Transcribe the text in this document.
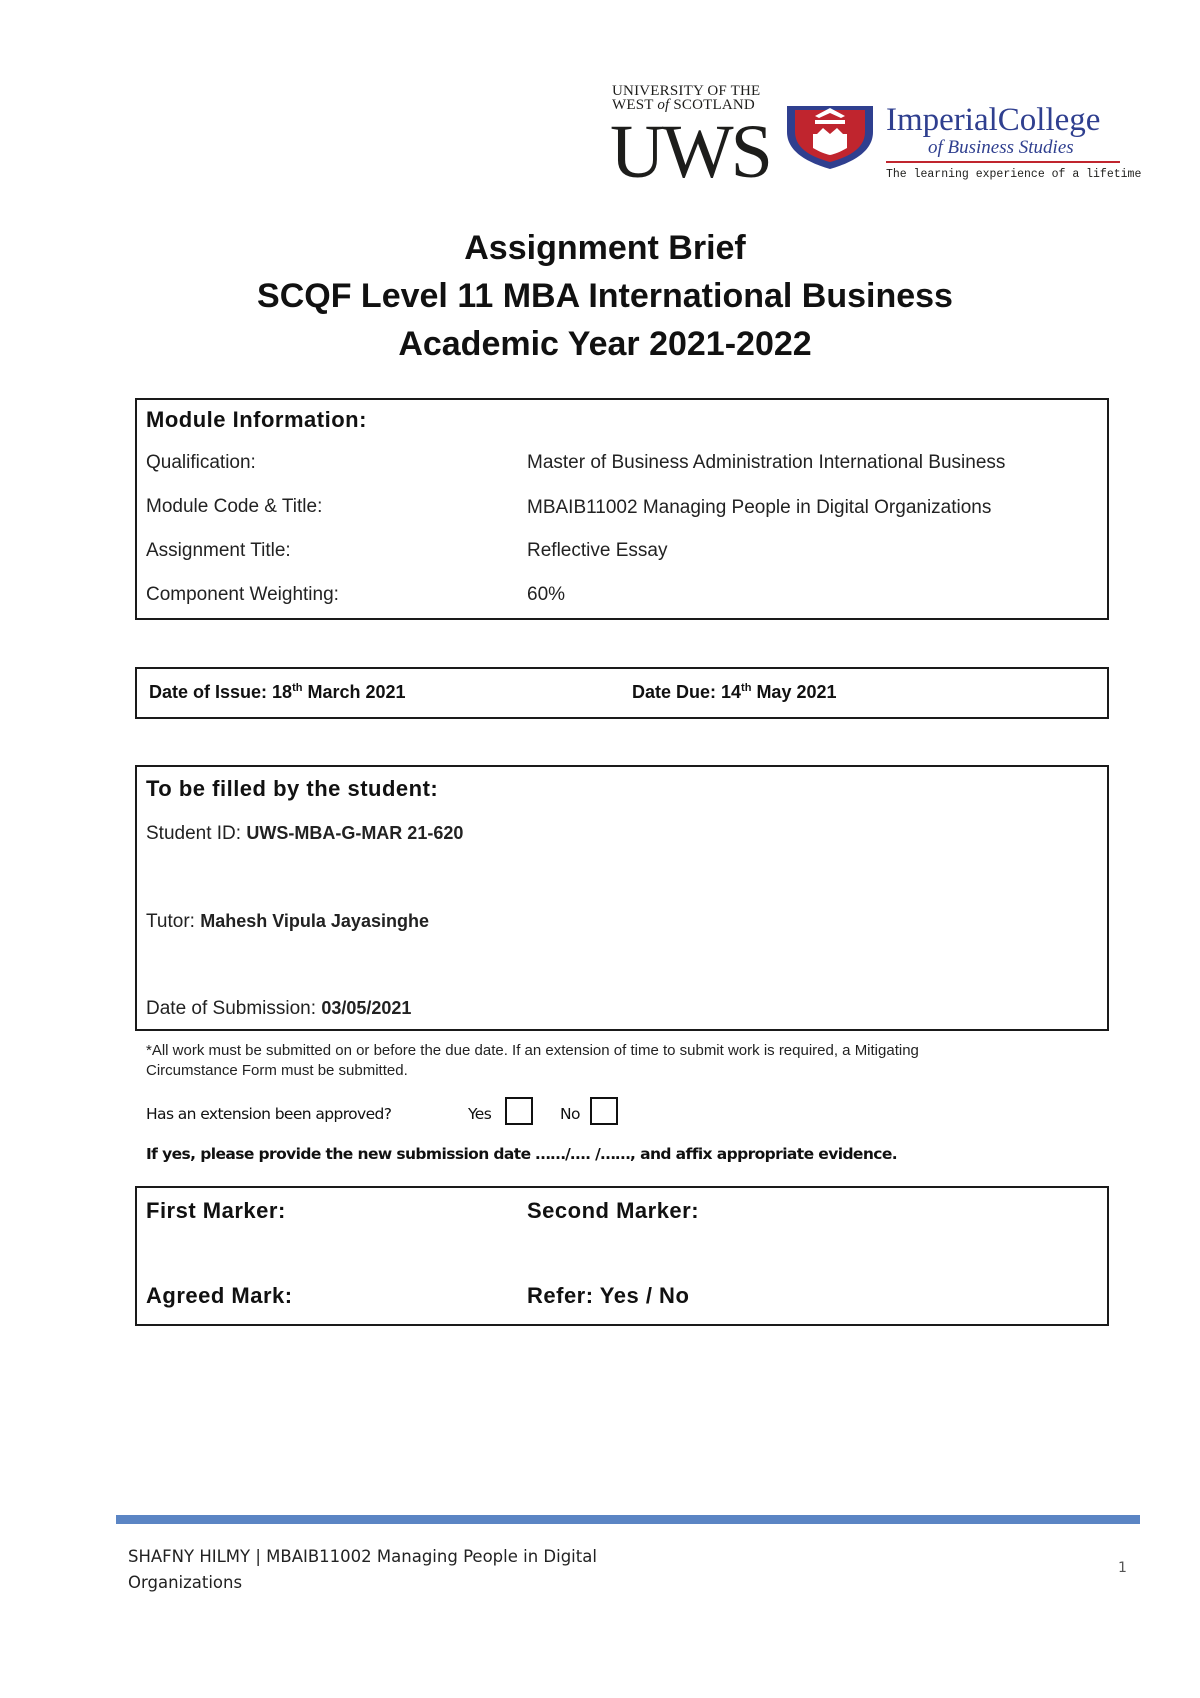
UNIVERSITY OF THE
WEST of SCOTLAND
UWS	ImperialCollege
of Business Studies
The learning experience of a lifetime
Assignment Brief
SCQF Level 11 MBA International Business
Academic Year 2021-2022
Module Information:
Qualification:	Master of Business Administration International Business
Module Code & Title:	MBAIB11002 Managing People in Digital Organizations
Assignment Title:	Reflective Essay
Component Weighting:	60%
Date of Issue: 18th March 2021	Date Due: 14th May 2021
To be filled by the student:
Student ID: UWS-MBA-G-MAR 21-620
Tutor: Mahesh Vipula Jayasinghe
Date of Submission: 03/05/2021
*All work must be submitted on or before the due date. If an extension of time to submit work is required, a Mitigating
Circumstance Form must be submitted.
Has an extension been approved?	Yes	No
If yes, please provide the new submission date ……/…. /……, and affix appropriate evidence.
First Marker:	Second Marker:
Agreed Mark:	Refer: Yes / No
SHAFNY HILMY | MBAIB11002 Managing People in Digital Organizations
1
